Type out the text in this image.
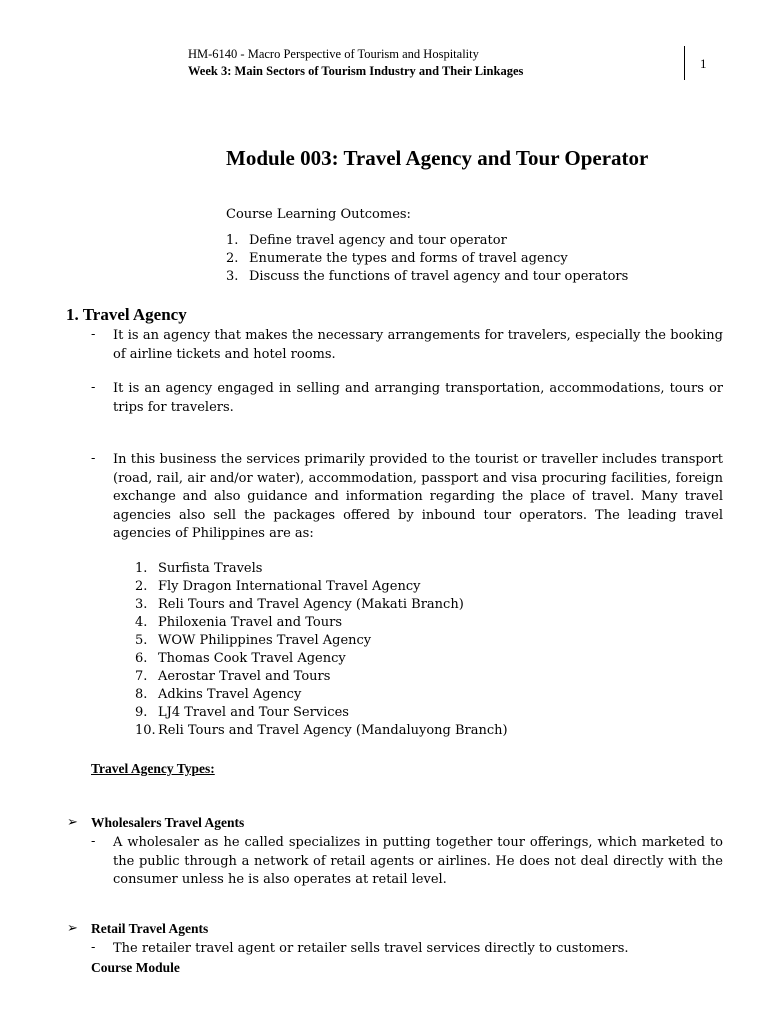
HM-6140 - Macro Perspective of Tourism and Hospitality
Week 3: Main Sectors of Tourism Industry and Their Linkages	1
Module 003: Travel Agency and Tour Operator
Course Learning Outcomes:
1. Define travel agency and tour operator
2. Enumerate the types and forms of travel agency
3. Discuss the functions of travel agency and tour operators
1. Travel Agency
- It is an agency that makes the necessary arrangements for travelers, especially the booking of airline tickets and hotel rooms.
- It is an agency engaged in selling and arranging transportation, accommodations, tours or trips for travelers.
- In this business the services primarily provided to the tourist or traveller includes transport (road, rail, air and/or water), accommodation, passport and visa procuring facilities, foreign exchange and also guidance and information regarding the place of travel. Many travel agencies also sell the packages offered by inbound tour operators. The leading travel agencies of Philippines are as:
1. Surfista Travels
2. Fly Dragon International Travel Agency
3. Reli Tours and Travel Agency (Makati Branch)
4. Philoxenia Travel and Tours
5. WOW Philippines Travel Agency
6. Thomas Cook Travel Agency
7. Aerostar Travel and Tours
8. Adkins Travel Agency
9. LJ4 Travel and Tour Services
10. Reli Tours and Travel Agency (Mandaluyong Branch)
Travel Agency Types:
➢ Wholesalers Travel Agents
- A wholesaler as he called specializes in putting together tour offerings, which marketed to the public through a network of retail agents or airlines. He does not deal directly with the consumer unless he is also operates at retail level.
➢ Retail Travel Agents
- The retailer travel agent or retailer sells travel services directly to customers.
Course Module
